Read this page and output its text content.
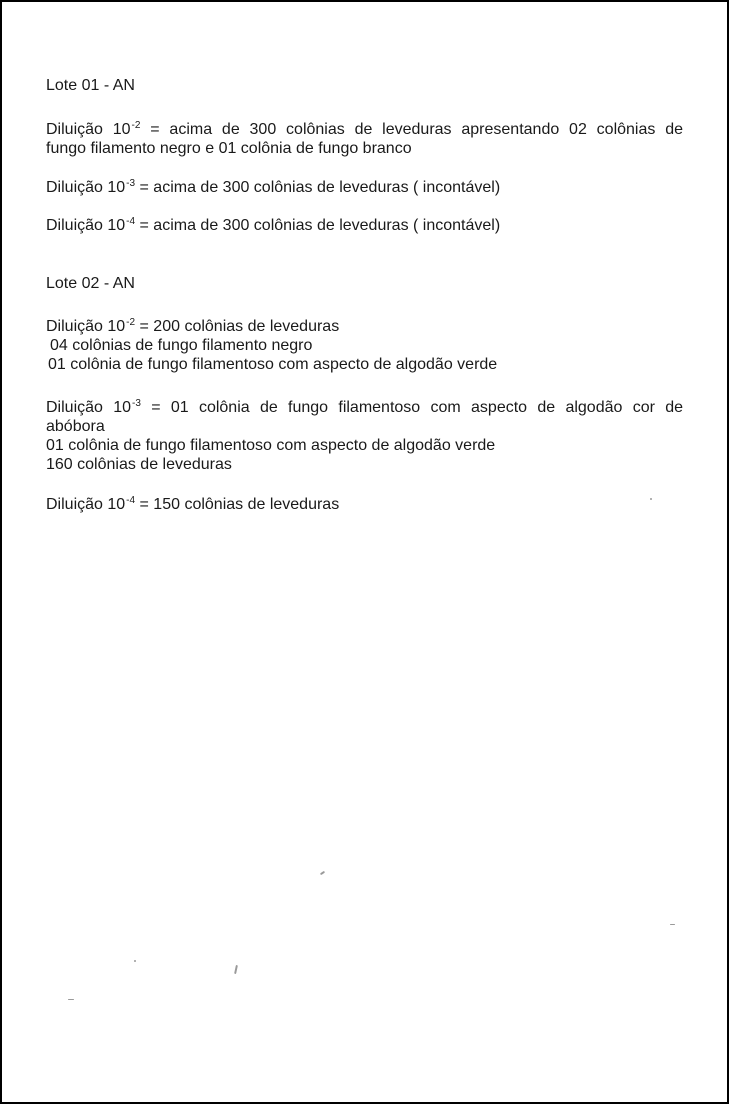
Lote 01 - AN
Diluição $10^{-2}$ = acima de 300 colônias de leveduras apresentando 02 colônias de
fungo filamento negro e 01 colônia de fungo branco
Diluição $10^{-3}$ = acima de 300 colônias de leveduras ( incontável)
Diluição $10^{-4}$ = acima de 300 colônias de leveduras ( incontável)
Lote 02 - AN
Diluição $10^{-2} = 200$ colônias de leveduras
04 colônias de fungo filamento negro
01 colônia de fungo filamentoso com aspecto de algodão verde
Diluição $10^{-3} = 01$ colônia de fungo filamentoso com aspecto de algodão cor de
abóbora
01 colônia de fungo filamentoso com aspecto de algodão verde
160 colônias de leveduras
Diluição $10^{-4} = 150$ colônias de leveduras
